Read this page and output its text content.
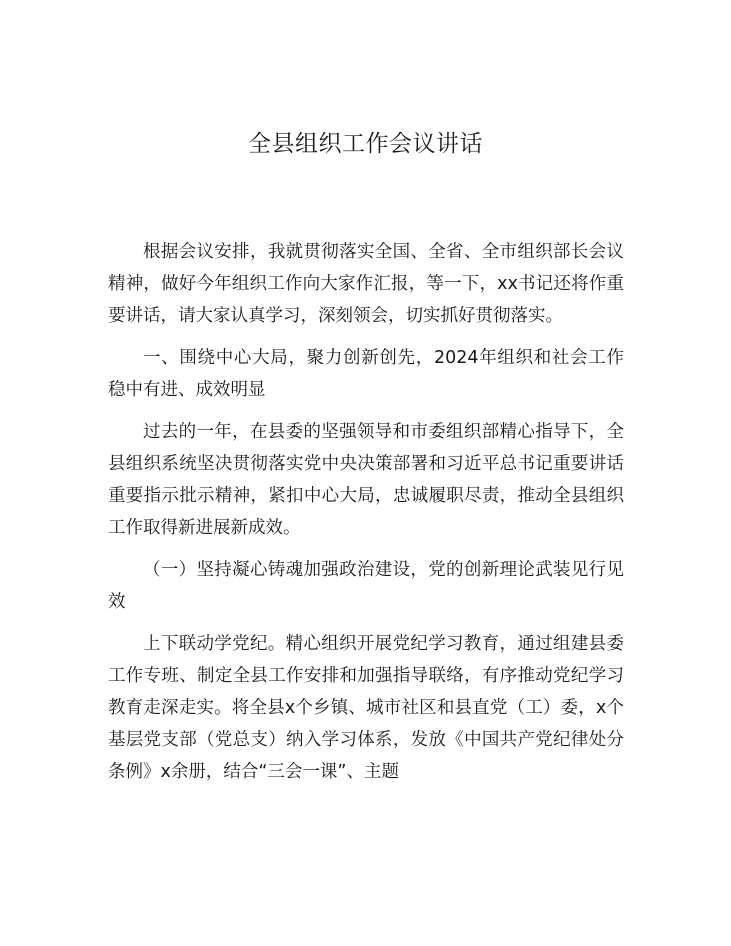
全县组织工作会议讲话

根据会议安排，我就贯彻落实全国、全省、全市组织部长会议精神，做好今年组织工作向大家作汇报，等一下，xx书记还将作重要讲话，请大家认真学习，深刻领会，切实抓好贯彻落实。

一、围绕中心大局，聚力创新创先，2024年组织和社会工作稳中有进、成效明显

过去的一年，在县委的坚强领导和市委组织部精心指导下，全县组织系统坚决贯彻落实党中央决策部署和习近平总书记重要讲话重要指示批示精神，紧扣中心大局，忠诚履职尽责，推动全县组织工作取得新进展新成效。

（一）坚持凝心铸魂加强政治建设，党的创新理论武装见行见效

上下联动学党纪。精心组织开展党纪学习教育，通过组建县委工作专班、制定全县工作安排和加强指导联络，有序推动党纪学习教育走深走实。将全县x个乡镇、城市社区和县直党（工）委，x个基层党支部（党总支）纳入学习体系，发放《中国共产党纪律处分条例》x余册，结合“三会一课”、主题
